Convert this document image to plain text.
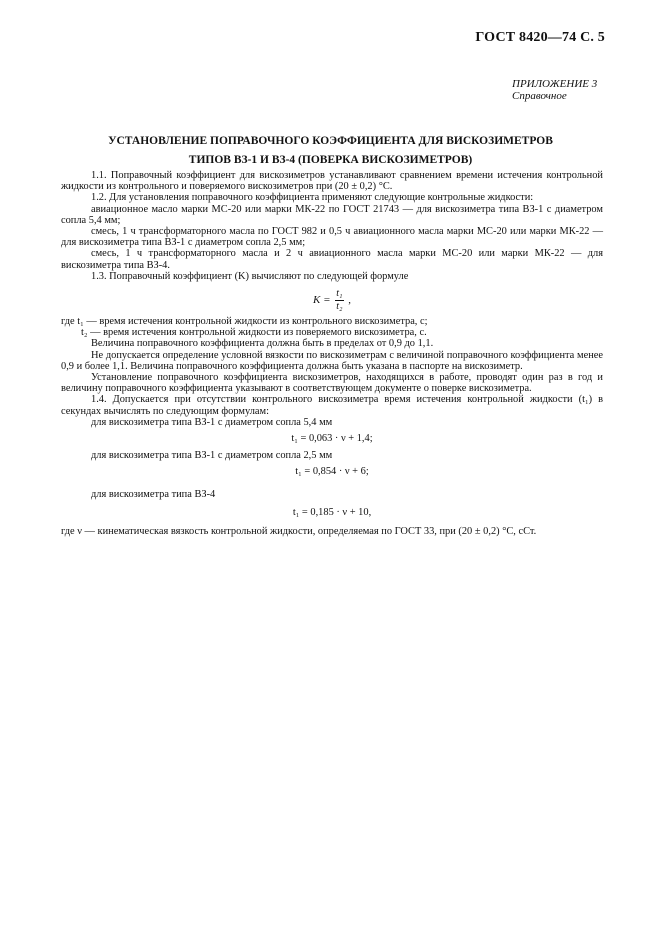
ГОСТ 8420—74 С. 5
ПРИЛОЖЕНИЕ 3
Справочное
УСТАНОВЛЕНИЕ ПОПРАВОЧНОГО КОЭФФИЦИЕНТА ДЛЯ ВИСКОЗИМЕТРОВ
ТИПОВ ВЗ-1 И ВЗ-4 (ПОВЕРКА ВИСКОЗИМЕТРОВ)

1.1. Поправочный коэффициент для вискозиметров устанавливают сравнением времени истечения контрольной жидкости из контрольного и поверяемого вискозиметров при (20 ± 0,2) °С.

1.2. Для установления поправочного коэффициента применяют следующие контрольные жидкости:

авиационное масло марки МС-20 или марки МК-22 по ГОСТ 21743 — для вискозиметра типа ВЗ-1 с диаметром сопла 5,4 мм;

смесь, 1 ч трансформаторного масла по ГОСТ 982 и 0,5 ч авиационного масла марки МС-20 или марки МК-22 — для вискозиметра типа ВЗ-1 с диаметром сопла 2,5 мм;

смесь, 1 ч трансформаторного масла и 2 ч авиационного масла марки МС-20 или марки МК-22 — для вискозиметра типа ВЗ-4.

1.3. Поправочный коэффициент (K) вычисляют по следующей формуле

$K = \frac{\text{t₁}}{\text{t₂}}$ ,

где t₁ — время истечения контрольной жидкости из контрольного вискозиметра, с;

t₂ — время истечения контрольной жидкости из поверяемого вискозиметра, с.

Величина поправочного коэффициента должна быть в пределах от 0,9 до 1,1.

Не допускается определение условной вязкости по вискозиметрам с величиной поправочного коэффициента менее 0,9 и более 1,1. Величина поправочного коэффициента должна быть указана в паспорте на вискозиметр.

Установление поправочного коэффициента вискозиметров, находящихся в работе, проводят один раз в год и величину поправочного коэффициента указывают в соответствующем документе о поверке вискозиметра.

1.4. Допускается при отсутствии контрольного вискозиметра время истечения контрольной жидкости (t₁) в секундах вычислять по следующим формулам:

для вискозиметра типа ВЗ-1 с диаметром сопла 5,4 мм

t₁ = 0,063 · ν + 1,4;

для вискозиметра типа ВЗ-1 с диаметром сопла 2,5 мм

t₁ = 0,854 · ν + 6;

для вискозиметра типа ВЗ-4

t₁ = 0,185 · ν + 10,

где ν — кинематическая вязкость контрольной жидкости, определяемая по ГОСТ 33, при (20 ± 0,2) °С, сСт.
